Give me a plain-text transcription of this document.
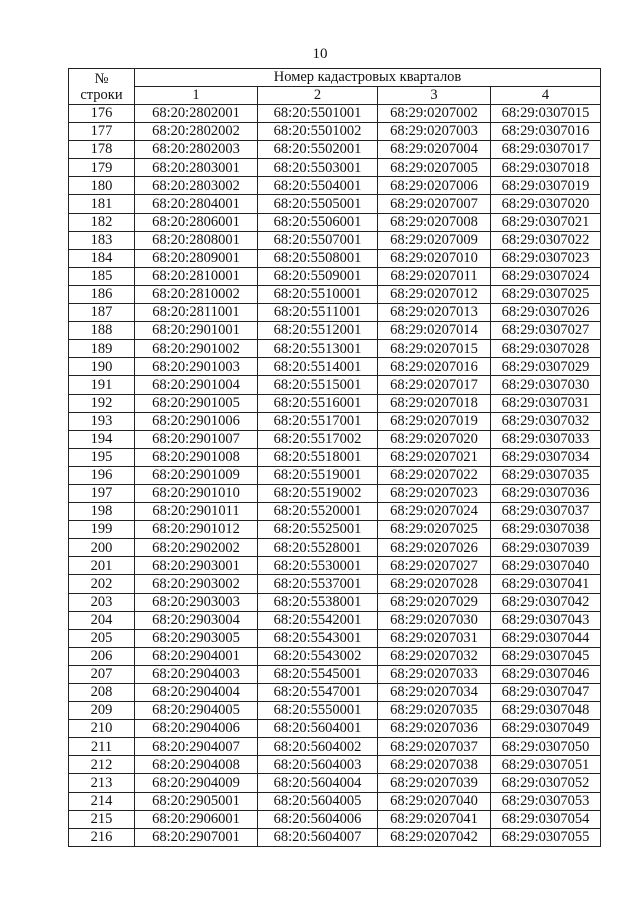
10
№
строки	Номер кадастровых кварталов			
	1	2	3	4
176	68:20:2802001	68:20:5501001	68:29:0207002	68:29:0307015
177	68:20:2802002	68:20:5501002	68:29:0207003	68:29:0307016
178	68:20:2802003	68:20:5502001	68:29:0207004	68:29:0307017
179	68:20:2803001	68:20:5503001	68:29:0207005	68:29:0307018
180	68:20:2803002	68:20:5504001	68:29:0207006	68:29:0307019
181	68:20:2804001	68:20:5505001	68:29:0207007	68:29:0307020
182	68:20:2806001	68:20:5506001	68:29:0207008	68:29:0307021
183	68:20:2808001	68:20:5507001	68:29:0207009	68:29:0307022
184	68:20:2809001	68:20:5508001	68:29:0207010	68:29:0307023
185	68:20:2810001	68:20:5509001	68:29:0207011	68:29:0307024
186	68:20:2810002	68:20:5510001	68:29:0207012	68:29:0307025
187	68:20:2811001	68:20:5511001	68:29:0207013	68:29:0307026
188	68:20:2901001	68:20:5512001	68:29:0207014	68:29:0307027
189	68:20:2901002	68:20:5513001	68:29:0207015	68:29:0307028
190	68:20:2901003	68:20:5514001	68:29:0207016	68:29:0307029
191	68:20:2901004	68:20:5515001	68:29:0207017	68:29:0307030
192	68:20:2901005	68:20:5516001	68:29:0207018	68:29:0307031
193	68:20:2901006	68:20:5517001	68:29:0207019	68:29:0307032
194	68:20:2901007	68:20:5517002	68:29:0207020	68:29:0307033
195	68:20:2901008	68:20:5518001	68:29:0207021	68:29:0307034
196	68:20:2901009	68:20:5519001	68:29:0207022	68:29:0307035
197	68:20:2901010	68:20:5519002	68:29:0207023	68:29:0307036
198	68:20:2901011	68:20:5520001	68:29:0207024	68:29:0307037
199	68:20:2901012	68:20:5525001	68:29:0207025	68:29:0307038
200	68:20:2902002	68:20:5528001	68:29:0207026	68:29:0307039
201	68:20:2903001	68:20:5530001	68:29:0207027	68:29:0307040
202	68:20:2903002	68:20:5537001	68:29:0207028	68:29:0307041
203	68:20:2903003	68:20:5538001	68:29:0207029	68:29:0307042
204	68:20:2903004	68:20:5542001	68:29:0207030	68:29:0307043
205	68:20:2903005	68:20:5543001	68:29:0207031	68:29:0307044
206	68:20:2904001	68:20:5543002	68:29:0207032	68:29:0307045
207	68:20:2904003	68:20:5545001	68:29:0207033	68:29:0307046
208	68:20:2904004	68:20:5547001	68:29:0207034	68:29:0307047
209	68:20:2904005	68:20:5550001	68:29:0207035	68:29:0307048
210	68:20:2904006	68:20:5604001	68:29:0207036	68:29:0307049
211	68:20:2904007	68:20:5604002	68:29:0207037	68:29:0307050
212	68:20:2904008	68:20:5604003	68:29:0207038	68:29:0307051
213	68:20:2904009	68:20:5604004	68:29:0207039	68:29:0307052
214	68:20:2905001	68:20:5604005	68:29:0207040	68:29:0307053
215	68:20:2906001	68:20:5604006	68:29:0207041	68:29:0307054
216	68:20:2907001	68:20:5604007	68:29:0207042	68:29:0307055
